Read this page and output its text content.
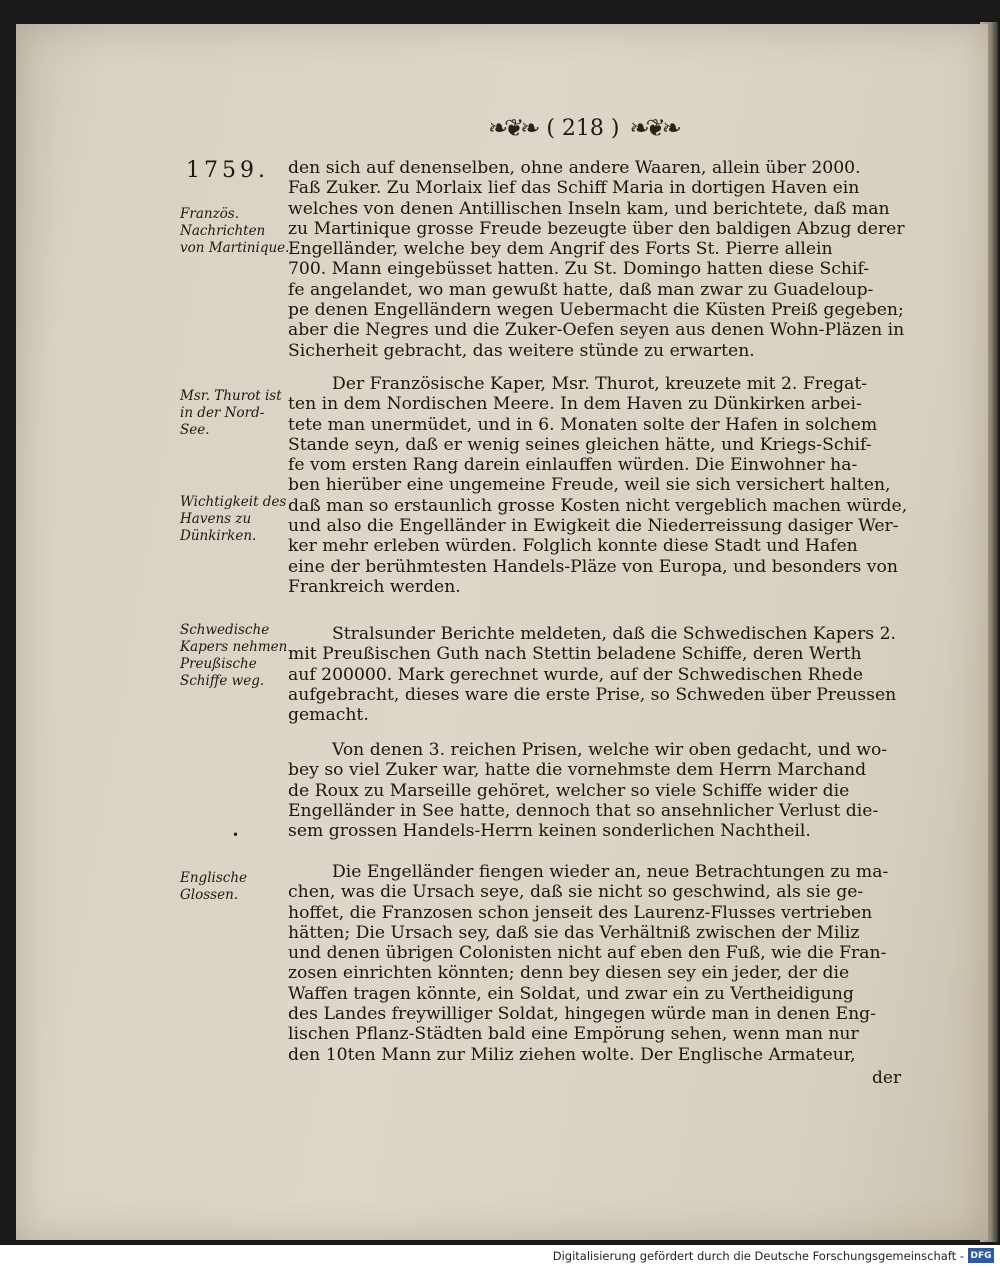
❧❦❧ ( 218 ) ❧❦❧
1759.
Französ. Nachrichten von Martinique.
Msr. Thurot ist in der Nord-See.
Wichtigkeit des Havens zu Dünkirken.
Schwedische Kapers nehmen Preußische Schiffe weg.
Englische Glossen.
den sich auf denenselben, ohne andere Waaren, allein über 2000.
Faß Zuker. Zu Morlaix lief das Schiff Maria in dortigen Haven ein
welches von denen Antillischen Inseln kam, und berichtete, daß man
zu Martinique grosse Freude bezeugte über den baldigen Abzug derer
Engelländer, welche bey dem Angrif des Forts St. Pierre allein
700. Mann eingebüsset hatten. Zu St. Domingo hatten diese Schif-
fe angelandet, wo man gewußt hatte, daß man zwar zu Guadeloup-
pe denen Engelländern wegen Uebermacht die Küsten Preiß gegeben;
aber die Negres und die Zuker-Oefen seyen aus denen Wohn-Pläzen in
Sicherheit gebracht, das weitere stünde zu erwarten.
Der Französische Kaper, Msr. Thurot, kreuzete mit 2. Fregat-
ten in dem Nordischen Meere. In dem Haven zu Dünkirken arbei-
tete man unermüdet, und in 6. Monaten solte der Hafen in solchem
Stande seyn, daß er wenig seines gleichen hätte, und Kriegs-Schif-
fe vom ersten Rang darein einlauffen würden. Die Einwohner ha-
ben hierüber eine ungemeine Freude, weil sie sich versichert halten,
daß man so erstaunlich grosse Kosten nicht vergeblich machen würde,
und also die Engelländer in Ewigkeit die Niederreissung dasiger Wer-
ker mehr erleben würden. Folglich konnte diese Stadt und Hafen
eine der berühmtesten Handels-Pläze von Europa, und besonders von
Frankreich werden.
Stralsunder Berichte meldeten, daß die Schwedischen Kapers 2.
mit Preußischen Guth nach Stettin beladene Schiffe, deren Werth
auf 200000. Mark gerechnet wurde, auf der Schwedischen Rhede
aufgebracht, dieses ware die erste Prise, so Schweden über Preussen
gemacht.
Von denen 3. reichen Prisen, welche wir oben gedacht, und wo-
bey so viel Zuker war, hatte die vornehmste dem Herrn Marchand
de Roux zu Marseille gehöret, welcher so viele Schiffe wider die
Engelländer in See hatte, dennoch that so ansehnlicher Verlust die-
sem grossen Handels-Herrn keinen sonderlichen Nachtheil.
•
Die Engelländer fiengen wieder an, neue Betrachtungen zu ma-
chen, was die Ursach seye, daß sie nicht so geschwind, als sie ge-
hoffet, die Franzosen schon jenseit des Laurenz-Flusses vertrieben
hätten; Die Ursach sey, daß sie das Verhältniß zwischen der Miliz
und denen übrigen Colonisten nicht auf eben den Fuß, wie die Fran-
zosen einrichten könnten; denn bey diesen sey ein jeder, der die
Waffen tragen könnte, ein Soldat, und zwar ein zu Vertheidigung
des Landes freywilliger Soldat, hingegen würde man in denen Eng-
lischen Pflanz-Städten bald eine Empörung sehen, wenn man nur
den 10ten Mann zur Miliz ziehen wolte. Der Englische Armateur,
der
Digitalisierung gefördert durch die Deutsche Forschungsgemeinschaft - DFG
